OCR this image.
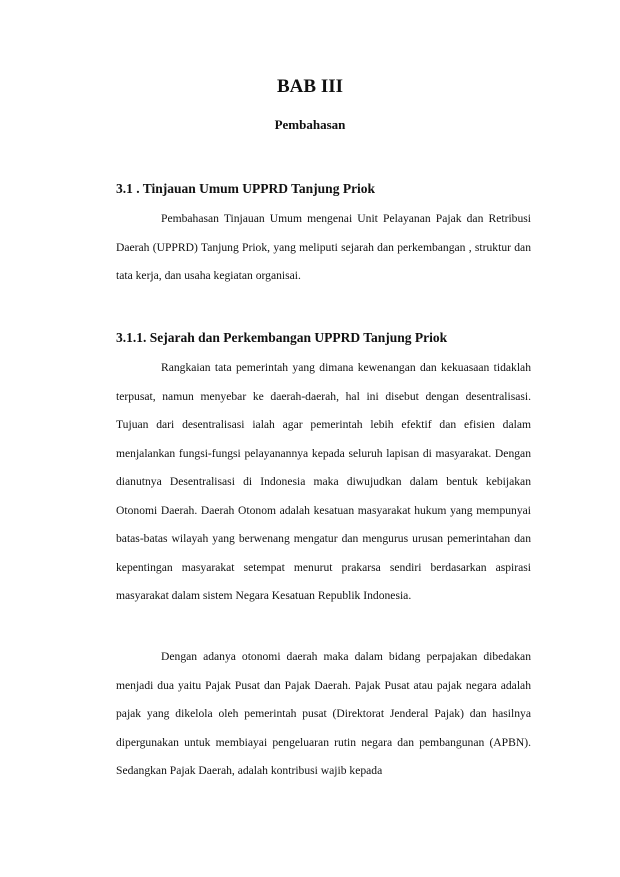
BAB III
Pembahasan
3.1 . Tinjauan Umum UPPRD Tanjung Priok

Pembahasan Tinjauan Umum mengenai Unit Pelayanan Pajak dan Retribusi Daerah (UPPRD) Tanjung Priok, yang meliputi sejarah dan perkembangan , struktur dan tata kerja, dan usaha kegiatan organisai.

3.1.1. Sejarah dan Perkembangan UPPRD Tanjung Priok

Rangkaian tata pemerintah yang dimana kewenangan dan kekuasaan tidaklah terpusat, namun menyebar ke daerah-daerah, hal ini disebut dengan desentralisasi. Tujuan dari desentralisasi ialah agar pemerintah lebih efektif dan efisien dalam menjalankan fungsi-fungsi pelayanannya kepada seluruh lapisan di masyarakat. Dengan dianutnya Desentralisasi di Indonesia maka diwujudkan dalam bentuk kebijakan Otonomi Daerah. Daerah Otonom adalah kesatuan masyarakat hukum yang mempunyai batas-batas wilayah yang berwenang mengatur dan mengurus urusan pemerintahan dan kepentingan masyarakat setempat menurut prakarsa sendiri berdasarkan aspirasi masyarakat dalam sistem Negara Kesatuan Republik Indonesia.

Dengan adanya otonomi daerah maka dalam bidang perpajakan dibedakan menjadi dua yaitu Pajak Pusat dan Pajak Daerah. Pajak Pusat atau pajak negara adalah pajak yang dikelola oleh pemerintah pusat (Direktorat Jenderal Pajak) dan hasilnya dipergunakan untuk membiayai pengeluaran rutin negara dan pembangunan (APBN). Sedangkan Pajak Daerah, adalah kontribusi wajib kepada
